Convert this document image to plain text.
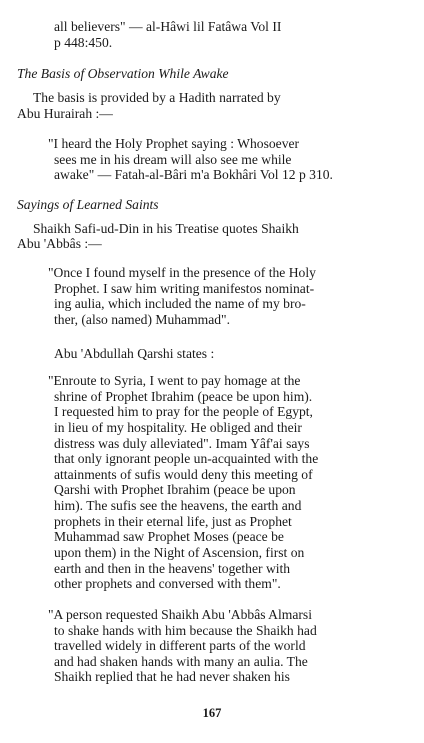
all believers" — al-Hâwi lil Fatâwa Vol II
p 448:450.
The Basis of Observation While Awake
The basis is provided by a Hadith narrated by
Abu Hurairah :—
"I heard the Holy Prophet saying : Whosoever
sees me in his dream will also see me while
awake" — Fatah-al-Bâri m'a Bokhâri Vol 12 p 310.
Sayings of Learned Saints
Shaikh Safi-ud-Din in his Treatise quotes Shaikh
Abu 'Abbâs :—
"Once I found myself in the presence of the Holy
Prophet. I saw him writing manifestos nominat-
ing aulia, which included the name of my bro-
ther, (also named) Muhammad".
Abu 'Abdullah Qarshi states :
"Enroute to Syria, I went to pay homage at the
shrine of Prophet Ibrahim (peace be upon him).
I requested him to pray for the people of Egypt,
in lieu of my hospitality. He obliged and their
distress was duly alleviated". Imam Yâf'ai says
that only ignorant people un-acquainted with the
attainments of sufis would deny this meeting of
Qarshi with Prophet Ibrahim (peace be upon
him). The sufis see the heavens, the earth and
prophets in their eternal life, just as Prophet
Muhammad saw Prophet Moses (peace be
upon them) in the Night of Ascension, first on
earth and then in the heavens' together with
other prophets and conversed with them".
"A person requested Shaikh Abu 'Abbâs Almarsi
to shake hands with him because the Shaikh had
travelled widely in different parts of the world
and had shaken hands with many an aulia. The
Shaikh replied that he had never shaken his
167
